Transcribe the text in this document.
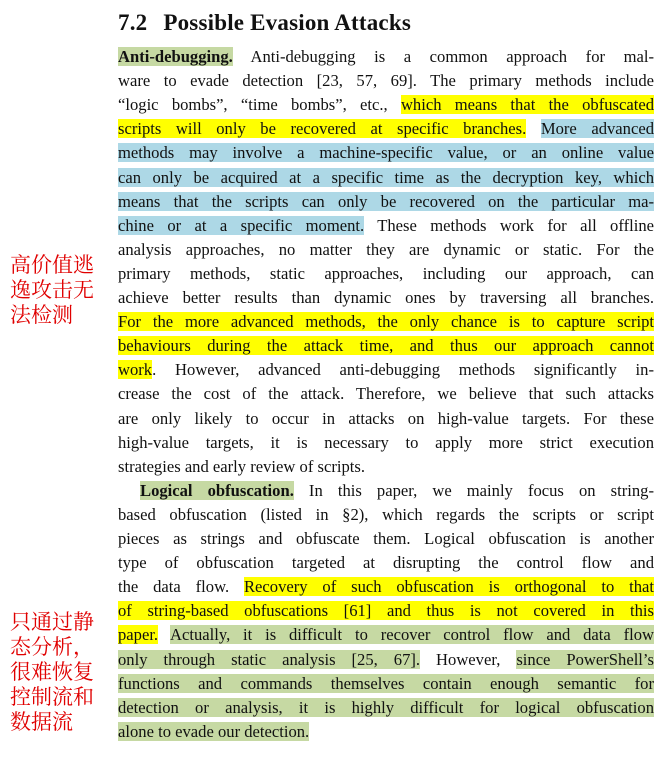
7.2 Possible Evasion Attacks
Anti-debugging. Anti-debugging is a common approach for mal-
ware to evade detection [23, 57, 69]. The primary methods include
“logic bombs”, “time bombs”, etc., which means that the obfuscated
scripts will only be recovered at specific branches. More advanced
methods may involve a machine-specific value, or an online value
can only be acquired at a specific time as the decryption key, which
means that the scripts can only be recovered on the particular ma-
chine or at a specific moment. These methods work for all offline
analysis approaches, no matter they are dynamic or static. For the
primary methods, static approaches, including our approach, can
achieve better results than dynamic ones by traversing all branches.
For the more advanced methods, the only chance is to capture script
behaviours during the attack time, and thus our approach cannot
work. However, advanced anti-debugging methods significantly in-
crease the cost of the attack. Therefore, we believe that such attacks
are only likely to occur in attacks on high-value targets. For these
high-value targets, it is necessary to apply more strict execution
strategies and early review of scripts.
Logical obfuscation. In this paper, we mainly focus on string-
based obfuscation (listed in §2), which regards the scripts or script
pieces as strings and obfuscate them. Logical obfuscation is another
type of obfuscation targeted at disrupting the control flow and
the data flow. Recovery of such obfuscation is orthogonal to that
of string-based obfuscations [61] and thus is not covered in this
paper. Actually, it is difficult to recover control flow and data flow
only through static analysis [25, 67]. However, since PowerShell’s
functions and commands themselves contain enough semantic for
detection or analysis, it is highly difficult for logical obfuscation
alone to evade our detection.
高价值逃
逸攻击无
法检测
只通过静
态分析，
很难恢复
控制流和
数据流
